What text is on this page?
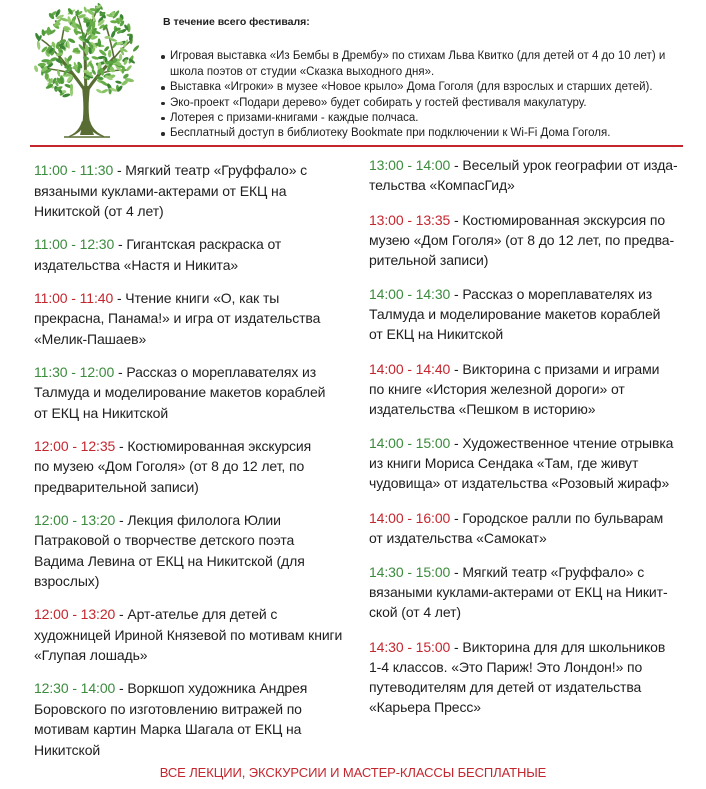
В течение всего фестиваля:
Игровая выставка «Из Бембы в Дрембу» по стихам Льва Квитко (для детей от 4 до 10 лет) и
школа поэтов от студии «Сказка выходного дня».
Выставка «Игроки» в музее «Новое крыло» Дома Гоголя (для взрослых и старших детей).
Эко-проект «Подари дерево» будет собирать у гостей фестиваля макулатуру.
Лотерея с призами-книгами - каждые полчаса.
Бесплатный доступ в библиотеку Bookmate при подключении к Wi-Fi Дома Гоголя.
11:00 - 11:30 - Мягкий театр «Груффало» с
вязаными куклами-актерами от ЕКЦ на
Никитской (от 4 лет)
11:00 - 12:30 - Гигантская раскраска от
издательства «Настя и Никита»
11:00 - 11:40 - Чтение книги «О, как ты
прекрасна, Панама!» и игра от издательства
«Мелик-Пашаев»
11:30 - 12:00 - Рассказ о мореплавателях из
Талмуда и моделирование макетов кораблей
от ЕКЦ на Никитской
12:00 - 12:35 - Костюмированная экскурсия
по музею «Дом Гоголя» (от 8 до 12 лет, по
предварительной записи)
12:00 - 13:20 - Лекция филолога Юлии
Патраковой о творчестве детского поэта
Вадима Левина от ЕКЦ на Никитской (для
взрослых)
12:00 - 13:20 - Арт-ателье для детей с
художницей Ириной Князевой по мотивам книги
«Глупая лошадь»
12:30 - 14:00 - Воркшоп художника Андрея
Боровского по изготовлению витражей по
мотивам картин Марка Шагала от ЕКЦ на
Никитской
13:00 - 14:00 - Веселый урок географии от изда-
тельства «КомпасГид»
13:00 - 13:35 - Костюмированная экскурсия по
музею «Дом Гоголя» (от 8 до 12 лет, по предва-
рительной записи)
14:00 - 14:30 - Рассказ о мореплавателях из
Талмуда и моделирование макетов кораблей
от ЕКЦ на Никитской
14:00 - 14:40 - Викторина с призами и играми
по книге «История железной дороги» от
издательства «Пешком в историю»
14:00 - 15:00 - Художественное чтение отрывка
из книги Мориса Сендака «Там, где живут
чудовища» от издательства «Розовый жираф»
14:00 - 16:00 - Городское ралли по бульварам
от издательства «Самокат»
14:30 - 15:00 - Мягкий театр «Груффало» с
вязаными куклами-актерами от ЕКЦ на Никит-
ской (от 4 лет)
14:30 - 15:00 - Викторина для для школьников
1-4 классов. «Это Париж! Это Лондон!» по
путеводителям для детей от издательства
«Карьера Пресс»
ВСЕ ЛЕКЦИИ, ЭКСКУРСИИ И МАСТЕР-КЛАССЫ БЕСПЛАТНЫЕ
